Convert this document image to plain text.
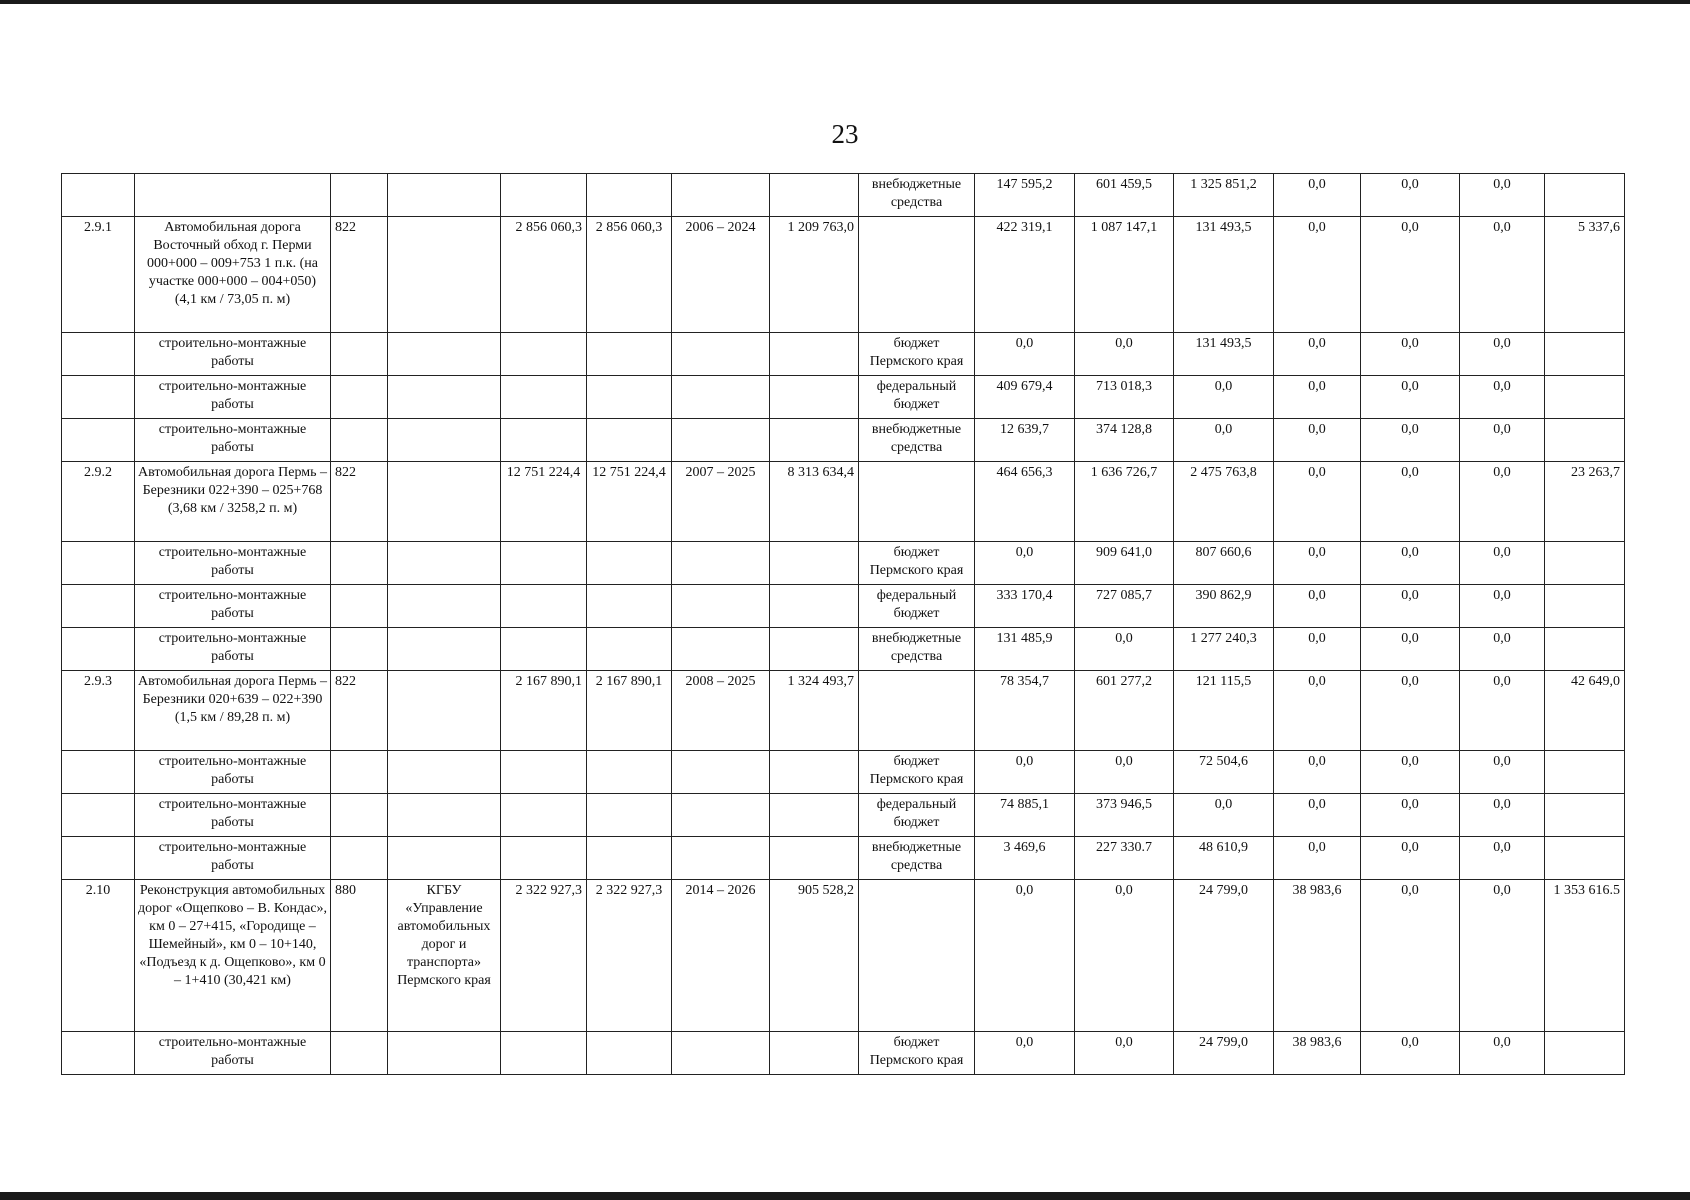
23
								внебюджетные средства	147 595,2	601 459,5	1 325 851,2	0,0	0,0	0,0	
2.9.1	Автомобильная дорога Восточный обход г. Перми 000+000 – 009+753 1 п.к. (на участке 000+000 – 004+050) (4,1 км / 73,05 п. м)	822		2 856 060,3	2 856 060,3	2006 – 2024	1 209 763,0		422 319,1	1 087 147,1	131 493,5	0,0	0,0	0,0	5 337,6
	строительно-монтажные работы							бюджет Пермского края	0,0	0,0	131 493,5	0,0	0,0	0,0	
	строительно-монтажные работы							федеральный бюджет	409 679,4	713 018,3	0,0	0,0	0,0	0,0	
	строительно-монтажные работы							внебюджетные средства	12 639,7	374 128,8	0,0	0,0	0,0	0,0	
2.9.2	Автомобильная дорога Пермь – Березники 022+390 – 025+768 (3,68 км / 3258,2 п. м)	822		12 751 224,4	12 751 224,4	2007 – 2025	8 313 634,4		464 656,3	1 636 726,7	2 475 763,8	0,0	0,0	0,0	23 263,7
	строительно-монтажные работы							бюджет Пермского края	0,0	909 641,0	807 660,6	0,0	0,0	0,0	
	строительно-монтажные работы							федеральный бюджет	333 170,4	727 085,7	390 862,9	0,0	0,0	0,0	
	строительно-монтажные работы							внебюджетные средства	131 485,9	0,0	1 277 240,3	0,0	0,0	0,0	
2.9.3	Автомобильная дорога Пермь – Березники 020+639 – 022+390 (1,5 км / 89,28 п. м)	822		2 167 890,1	2 167 890,1	2008 – 2025	1 324 493,7		78 354,7	601 277,2	121 115,5	0,0	0,0	0,0	42 649,0
	строительно-монтажные работы							бюджет Пермского края	0,0	0,0	72 504,6	0,0	0,0	0,0	
	строительно-монтажные работы							федеральный бюджет	74 885,1	373 946,5	0,0	0,0	0,0	0,0	
	строительно-монтажные работы							внебюджетные средства	3 469,6	227 330.7	48 610,9	0,0	0,0	0,0	
2.10	Реконструкция автомобильных дорог «Ощепково – В. Кондас», км 0 – 27+415, «Городище – Шемейный», км 0 – 10+140, «Подъезд к д. Ощепково», км 0 – 1+410 (30,421 км)	880	КГБУ «Управление автомобильных дорог и транспорта» Пермского края	2 322 927,3	2 322 927,3	2014 – 2026	905 528,2		0,0	0,0	24 799,0	38 983,6	0,0	0,0	1 353 616.5
	строительно-монтажные работы							бюджет Пермского края	0,0	0,0	24 799,0	38 983,6	0,0	0,0	
